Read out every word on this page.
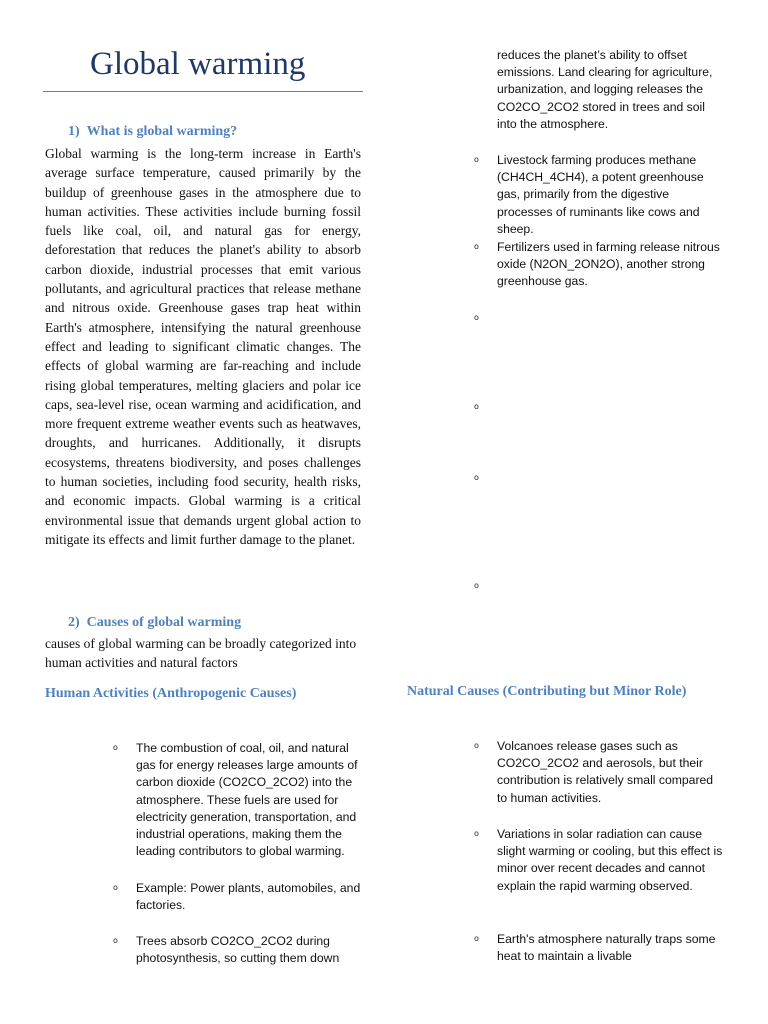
Global warming
1) What is global warming?
Global warming is the long-term increase in Earth's average surface temperature, caused primarily by the buildup of greenhouse gases in the atmosphere due to human activities. These activities include burning fossil fuels like coal, oil, and natural gas for energy, deforestation that reduces the planet's ability to absorb carbon dioxide, industrial processes that emit various pollutants, and agricultural practices that release methane and nitrous oxide. Greenhouse gases trap heat within Earth's atmosphere, intensifying the natural greenhouse effect and leading to significant climatic changes. The effects of global warming are far-reaching and include rising global temperatures, melting glaciers and polar ice caps, sea-level rise, ocean warming and acidification, and more frequent extreme weather events such as heatwaves, droughts, and hurricanes. Additionally, it disrupts ecosystems, threatens biodiversity, and poses challenges to human societies, including food security, health risks, and economic impacts. Global warming is a critical environmental issue that demands urgent global action to mitigate its effects and limit further damage to the planet.
2) Causes of global warming
causes of global warming can be broadly categorized into human activities and natural factors
Human Activities (Anthropogenic Causes)
o The combustion of coal, oil, and natural gas for energy releases large amounts of carbon dioxide (CO2CO_2CO2) into the atmosphere. These fuels are used for electricity generation, transportation, and industrial operations, making them the leading contributors to global warming.
o Example: Power plants, automobiles, and factories.
o Trees absorb CO2CO_2CO2 during photosynthesis, so cutting them down
reduces the planet’s ability to offset emissions. Land clearing for agriculture, urbanization, and logging releases the CO2CO_2CO2 stored in trees and soil into the atmosphere.
o Livestock farming produces methane (CH4CH_4CH4), a potent greenhouse gas, primarily from the digestive processes of ruminants like cows and sheep.
o Fertilizers used in farming release nitrous oxide (N2ON_2ON2O), another strong greenhouse gas.
o
o
o
o
Natural Causes (Contributing but Minor Role)
o Volcanoes release gases such as CO2CO_2CO2 and aerosols, but their contribution is relatively small compared to human activities.
o Variations in solar radiation can cause slight warming or cooling, but this effect is minor over recent decades and cannot explain the rapid warming observed.
o Earth's atmosphere naturally traps some heat to maintain a livable
